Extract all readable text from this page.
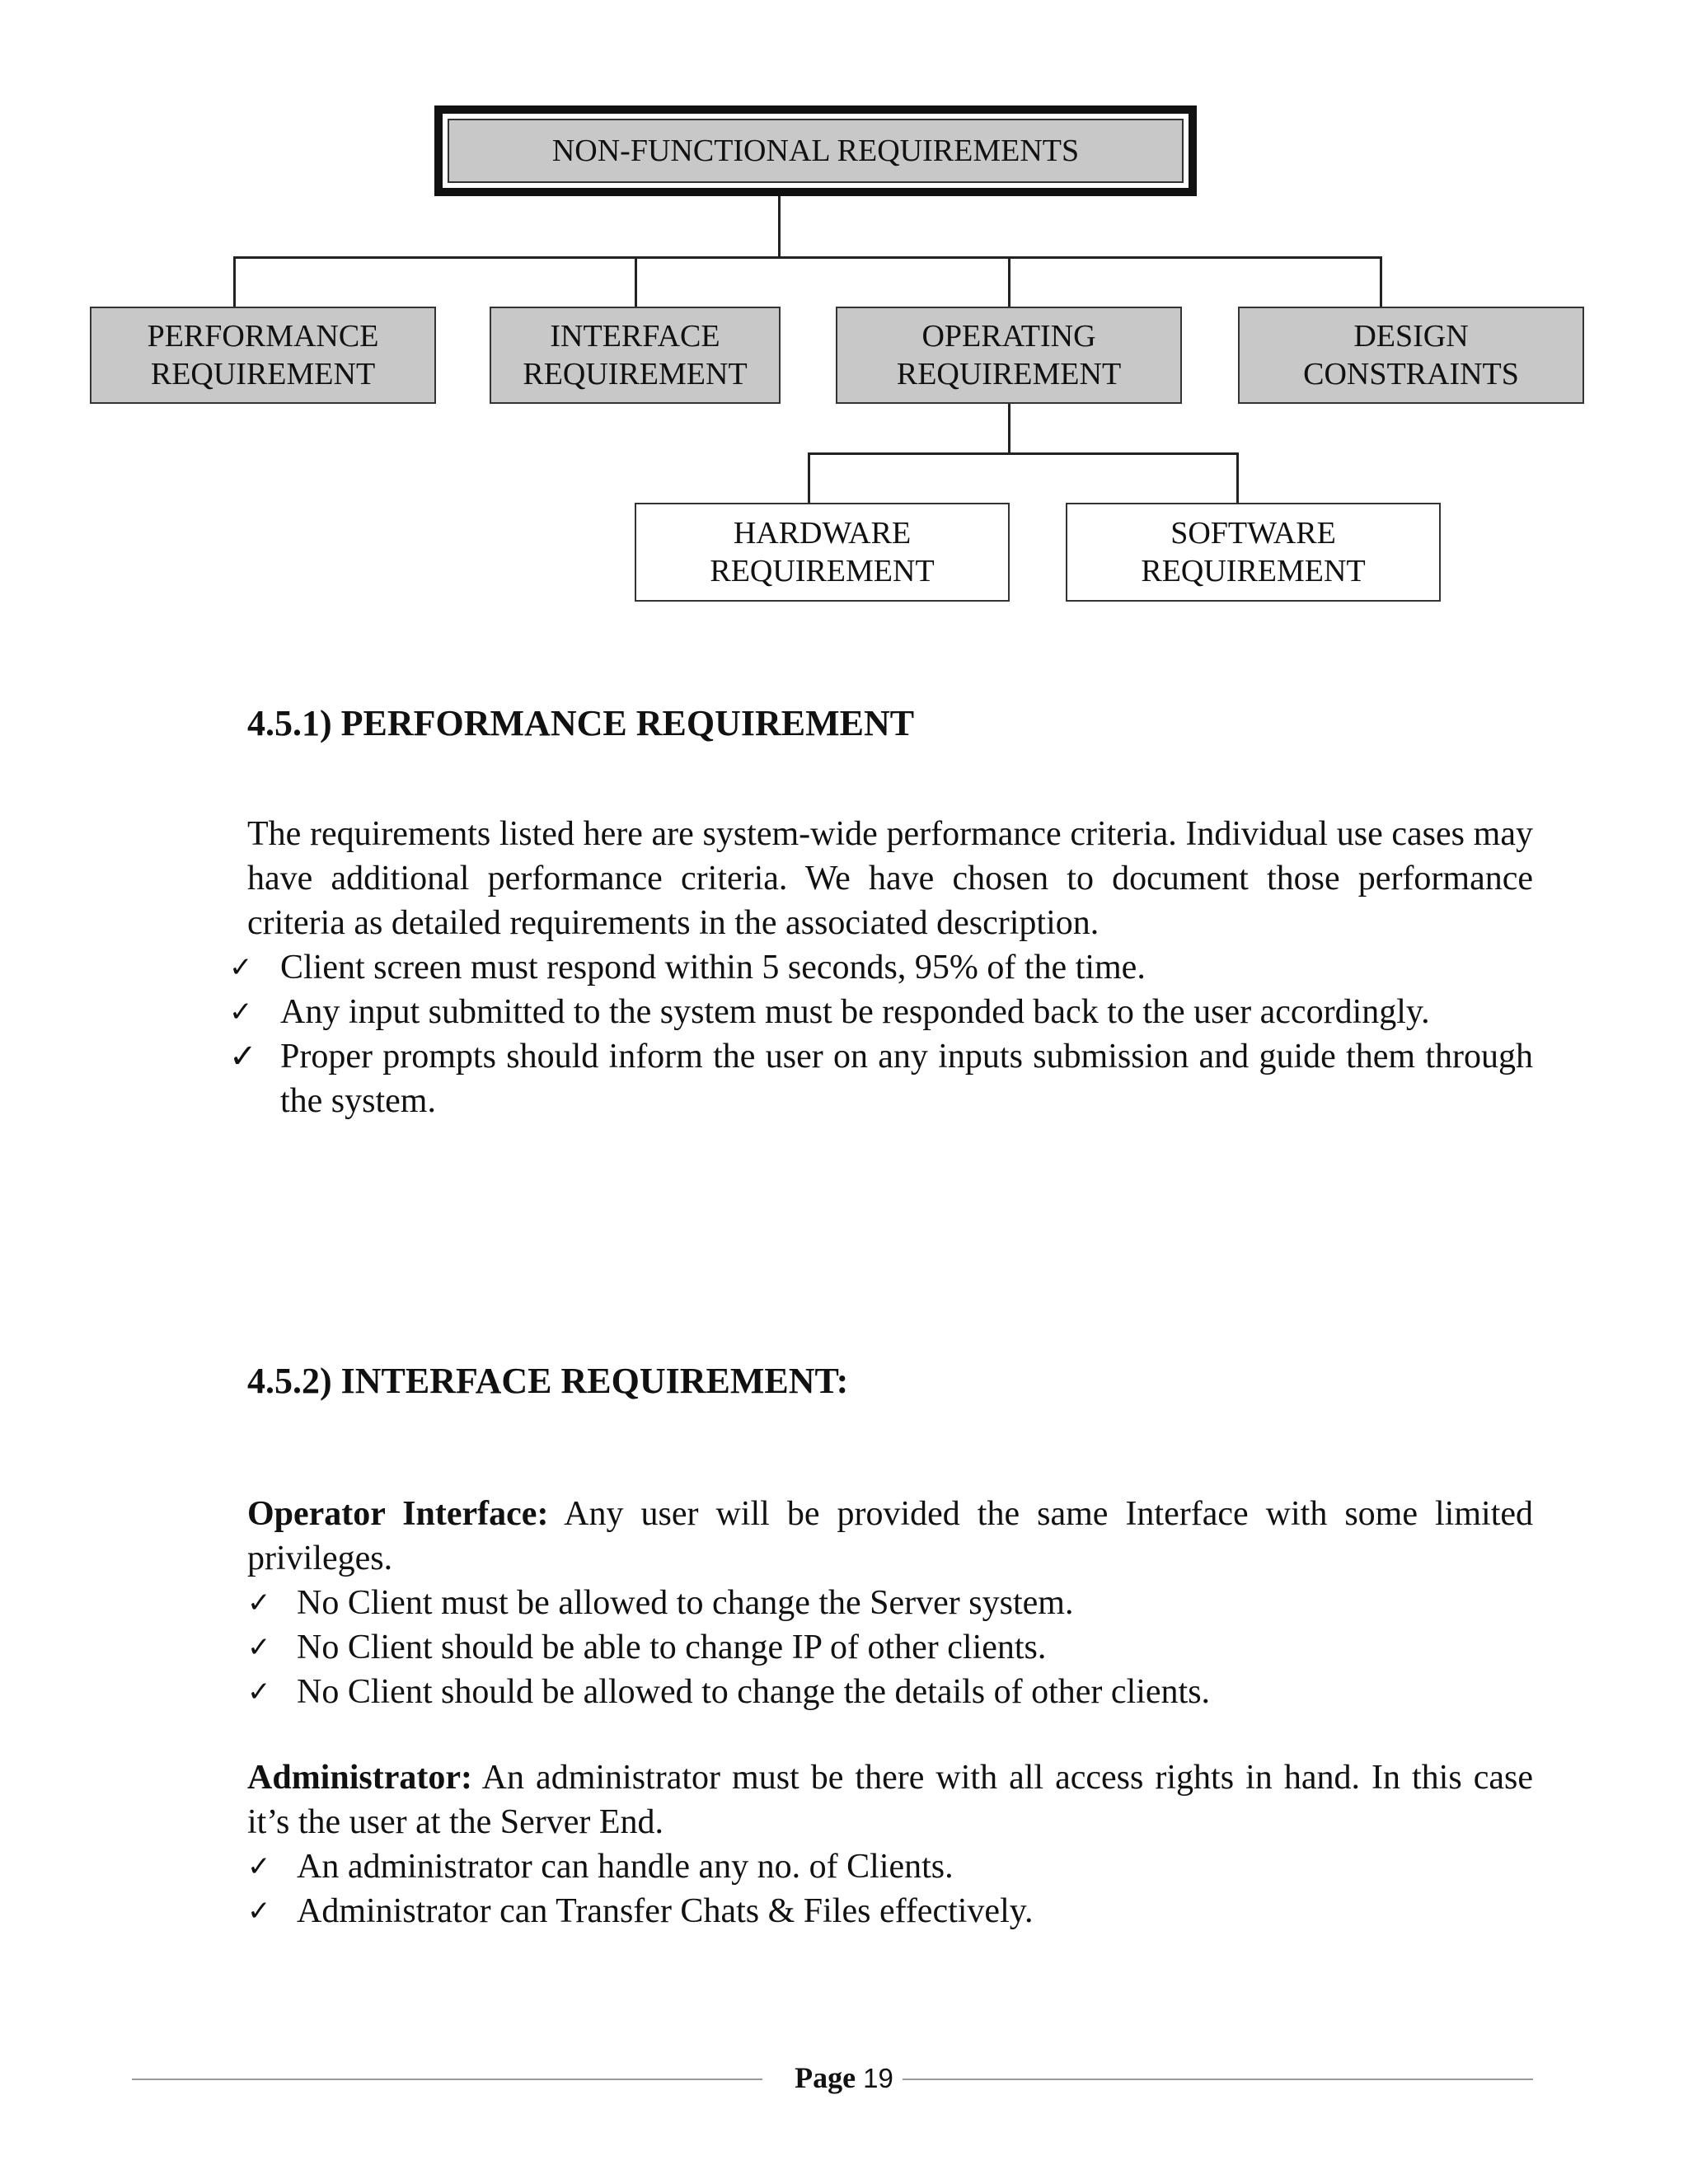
NON-FUNCTIONAL REQUIREMENTS
PERFORMANCE
REQUIREMENT
INTERFACE
REQUIREMENT
OPERATING
REQUIREMENT
DESIGN
CONSTRAINTS
HARDWARE
REQUIREMENT
SOFTWARE
REQUIREMENT
4.5.1) PERFORMANCE REQUIREMENT
The requirements listed here are system-wide performance criteria. Individual use cases may have additional performance criteria. We have chosen to document those performance criteria as detailed requirements in the associated description.
✓ Client screen must respond within 5 seconds, 95% of the time.
✓ Any input submitted to the system must be responded back to the user accordingly.
✓ Proper prompts should inform the user on any inputs submission and guide them through the system.
4.5.2) INTERFACE REQUIREMENT:
Operator Interface: Any user will be provided the same Interface with some limited privileges.
✓ No Client must be allowed to change the Server system.
✓ No Client should be able to change IP of other clients.
✓ No Client should be allowed to change the details of other clients.
Administrator: An administrator must be there with all access rights in hand. In this case it’s the user at the Server End.
✓ An administrator can handle any no. of Clients.
✓ Administrator can Transfer Chats & Files effectively.
Page 19
